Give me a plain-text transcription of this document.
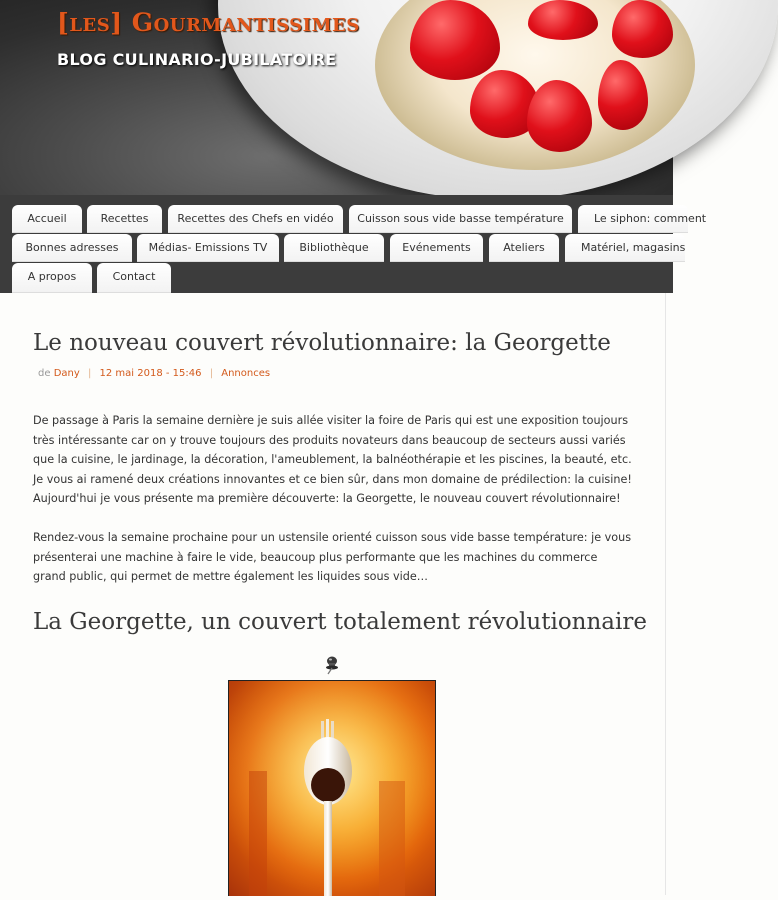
[les] Gourmantissimes
BLOG CULINARIO-JUBILATOIRE
Accueil	Recettes	Recettes des Chefs en vidéo	Cuisson sous vide basse température	Le siphon: comment
Bonnes adresses	Médias- Emissions TV	Bibliothèque	Evénements	Ateliers	Matériel, magasins
A propos	Contact
Le nouveau couvert révolutionnaire: la Georgette
de Dany | 12 mai 2018 - 15:46 | Annonces

De passage à Paris la semaine dernière je suis allée visiter la foire de Paris qui est une exposition toujours très intéressante car on y trouve toujours des produits novateurs dans beaucoup de secteurs aussi variés que la cuisine, le jardinage, la décoration, l'ameublement, la balnéothérapie et les piscines, la beauté, etc. Je vous ai ramené deux créations innovantes et ce bien sûr, dans mon domaine de prédilection: la cuisine! Aujourd'hui je vous présente ma première découverte: la Georgette, le nouveau couvert révolutionnaire!

Rendez-vous la semaine prochaine pour un ustensile orienté cuisson sous vide basse température: je vous présenterai une machine à faire le vide, beaucoup plus performante que les machines du commerce grand public, qui permet de mettre également les liquides sous vide…

La Georgette, un couvert totalement révolutionnaire
